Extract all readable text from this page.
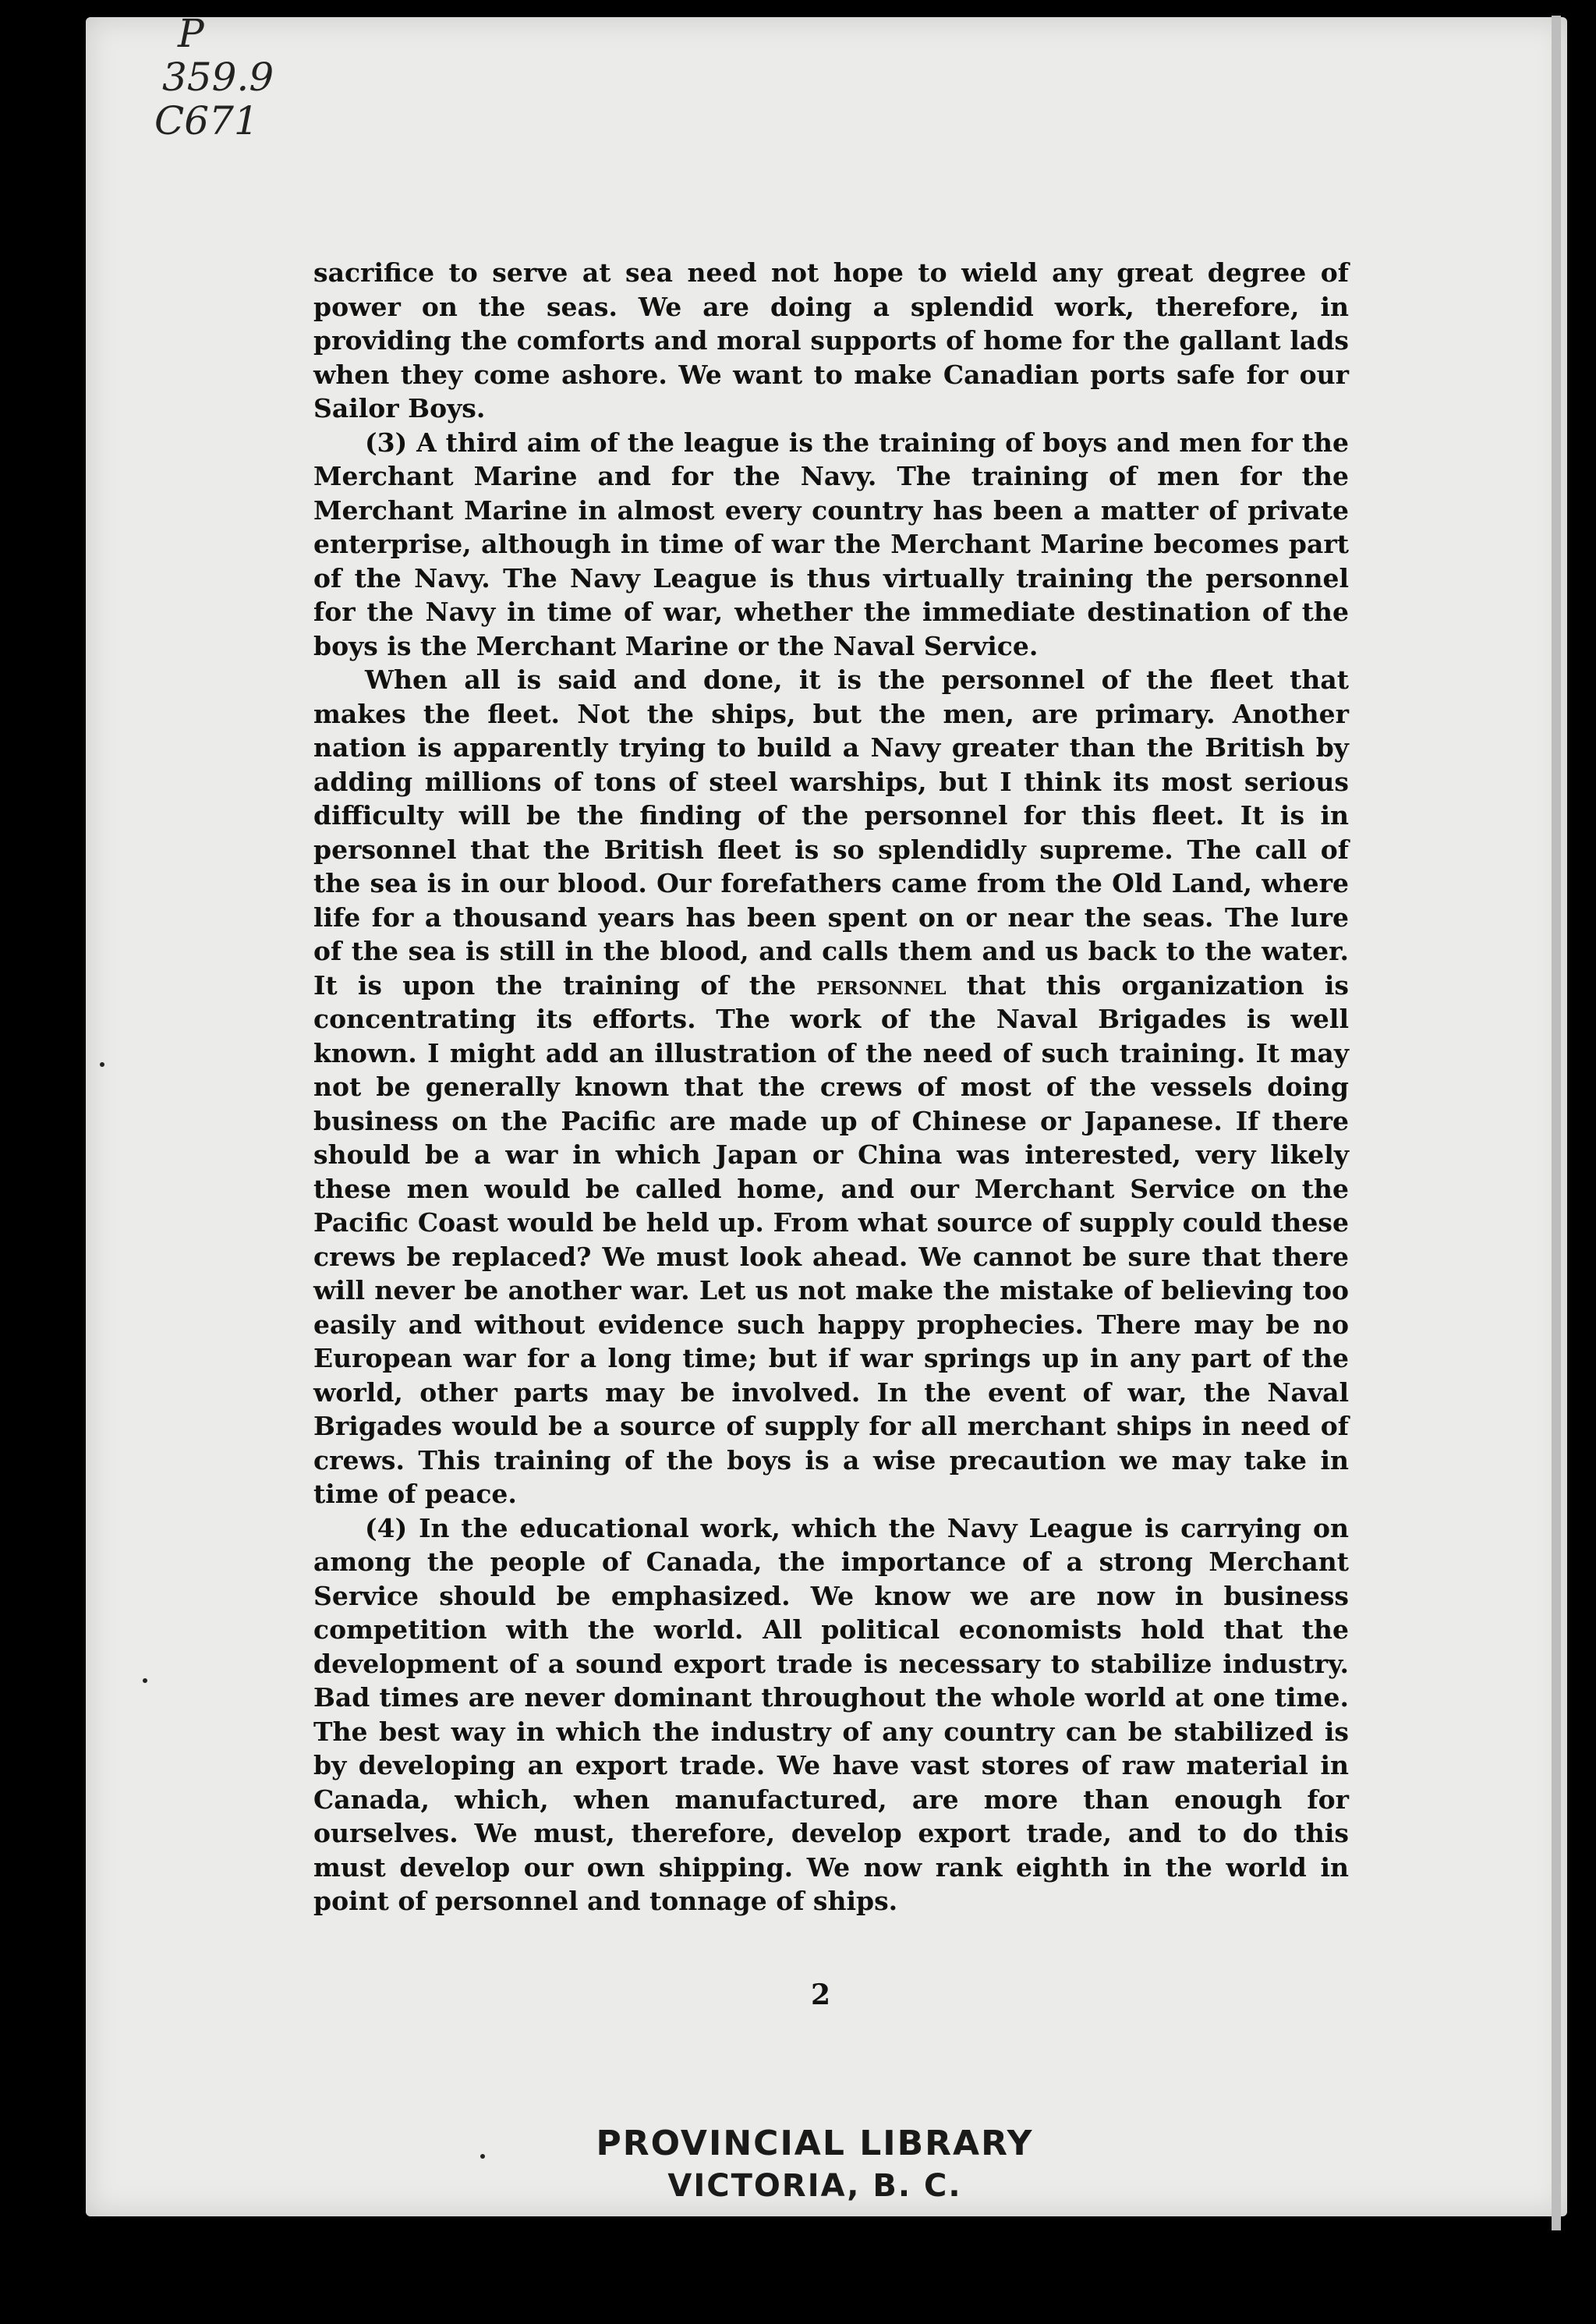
P
359.9
C671

sacrifice to serve at sea need not hope to wield any great degree of power on the seas. We are doing a splendid work, therefore, in providing the comforts and moral supports of home for the gallant lads when they come ashore. We want to make Canadian ports safe for our Sailor Boys.

(3) A third aim of the league is the training of boys and men for the Merchant Marine and for the Navy. The training of men for the Merchant Marine in almost every country has been a matter of private enterprise, although in time of war the Merchant Marine becomes part of the Navy. The Navy League is thus virtually training the personnel for the Navy in time of war, whether the immediate destination of the boys is the Merchant Marine or the Naval Service.

When all is said and done, it is the personnel of the fleet that makes the fleet. Not the ships, but the men, are primary. Another nation is apparently trying to build a Navy greater than the British by adding millions of tons of steel warships, but I think its most serious difficulty will be the finding of the personnel for this fleet. It is in personnel that the British fleet is so splendidly supreme. The call of the sea is in our blood. Our forefathers came from the Old Land, where life for a thousand years has been spent on or near the seas. The lure of the sea is still in the blood, and calls them and us back to the water. It is upon the training of the personnel that this organization is concentrating its efforts. The work of the Naval Brigades is well known. I might add an illustration of the need of such training. It may not be generally known that the crews of most of the vessels doing business on the Pacific are made up of Chinese or Japanese. If there should be a war in which Japan or China was interested, very likely these men would be called home, and our Merchant Service on the Pacific Coast would be held up. From what source of supply could these crews be replaced? We must look ahead. We cannot be sure that there will never be another war. Let us not make the mistake of believing too easily and without evidence such happy prophecies. There may be no European war for a long time; but if war springs up in any part of the world, other parts may be involved. In the event of war, the Naval Brigades would be a source of supply for all merchant ships in need of crews. This training of the boys is a wise precaution we may take in time of peace.

(4) In the educational work, which the Navy League is carrying on among the people of Canada, the importance of a strong Merchant Service should be emphasized. We know we are now in business competition with the world. All political economists hold that the development of a sound export trade is necessary to stabilize industry. Bad times are never dominant throughout the whole world at one time. The best way in which the industry of any country can be stabilized is by developing an export trade. We have vast stores of raw material in Canada, which, when manufactured, are more than enough for ourselves. We must, therefore, develop export trade, and to do this must develop our own shipping. We now rank eighth in the world in point of personnel and tonnage of ships.

2
PROVINCIAL LIBRARY
VICTORIA, B. C.
